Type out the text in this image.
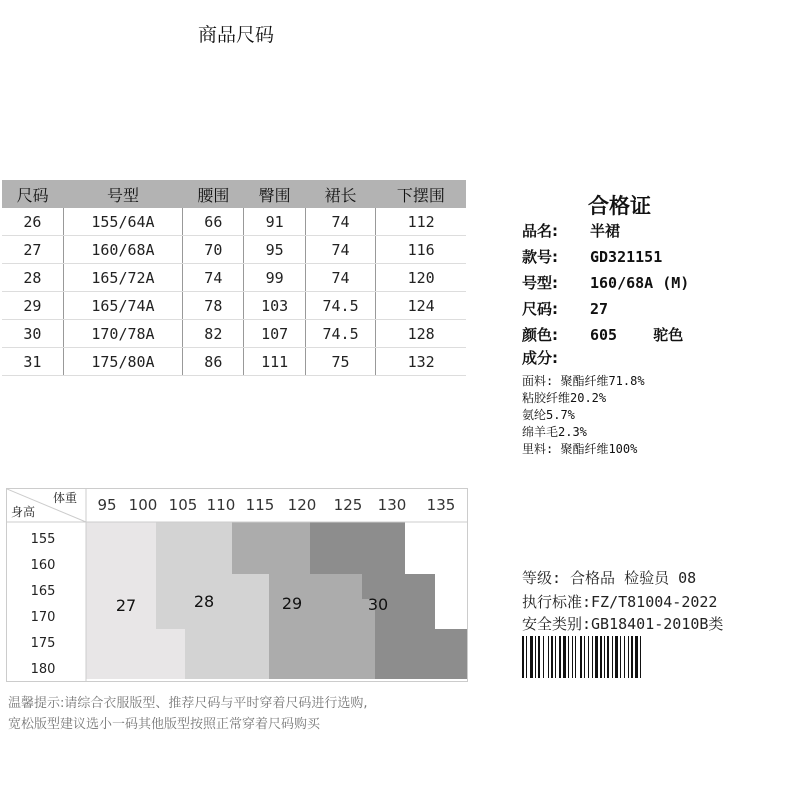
商品尺码
尺码	号型	腰围	臀围	裙长	下摆围
26	155/64A	66	91	74	112
27	160/68A	70	95	74	116
28	165/72A	74	99	74	120
29	165/74A	78	103	74.5	124
30	170/78A	82	107	74.5	128
31	175/80A	86	111	75	132
合格证
品名: 半裙
款号: GD321151
号型: 160/68A (M)
尺码: 27
颜色: 605    驼色
成分:
面料: 聚酯纤维71.8%
粘胶纤维20.2%
氨纶5.7%
绵羊毛2.3%
里料: 聚酯纤维100%
等级: 合格品 检验员 08
执行标准:FZ/T81004-2022
安全类别:GB18401-2010B类
体重
身高	95 100 105 110 115 120 125 130 135
155
160
165
170
175
180
27	28	29	30
温馨提示:请综合衣服版型、推荐尺码与平时穿着尺码进行选购,
宽松版型建议选小一码其他版型按照正常穿着尺码购买
